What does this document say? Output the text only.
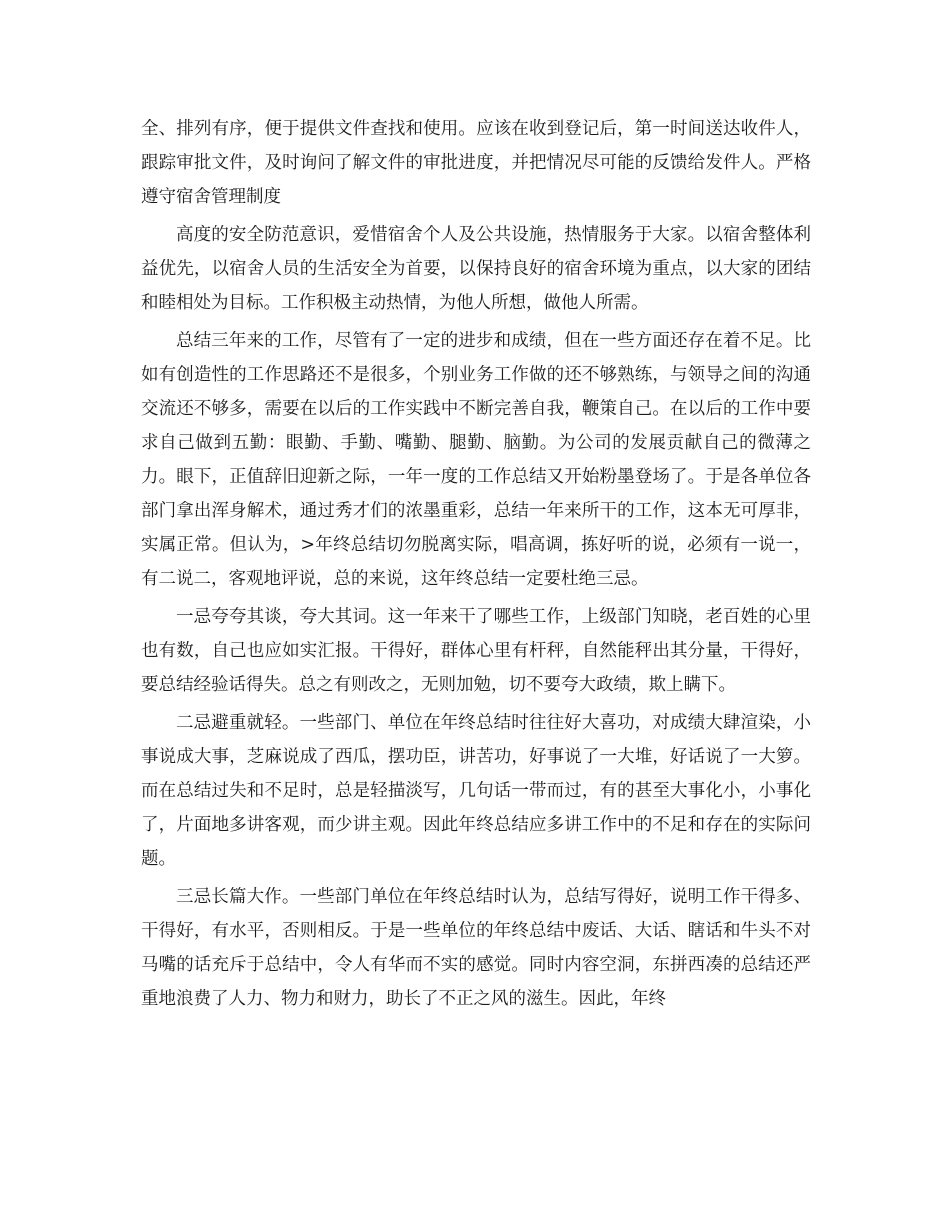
全、排列有序，便于提供文件查找和使用。应该在收到登记后，第一时间送达收件人，跟踪审批文件，及时询问了解文件的审批进度，并把情况尽可能的反馈给发件人。严格遵守宿舍管理制度

高度的安全防范意识，爱惜宿舍个人及公共设施，热情服务于大家。以宿舍整体利益优先，以宿舍人员的生活安全为首要，以保持良好的宿舍环境为重点，以大家的团结和睦相处为目标。工作积极主动热情，为他人所想，做他人所需。

总结三年来的工作，尽管有了一定的进步和成绩，但在一些方面还存在着不足。比如有创造性的工作思路还不是很多，个别业务工作做的还不够熟练，与领导之间的沟通交流还不够多，需要在以后的工作实践中不断完善自我，鞭策自己。在以后的工作中要求自己做到五勤：眼勤、手勤、嘴勤、腿勤、脑勤。为公司的发展贡献自己的微薄之力。眼下，正值辞旧迎新之际，一年一度的工作总结又开始粉墨登场了。于是各单位各部门拿出浑身解术，通过秀才们的浓墨重彩，总结一年来所干的工作，这本无可厚非，实属正常。但认为，>年终总结切勿脱离实际，唱高调，拣好听的说，必须有一说一，有二说二，客观地评说，总的来说，这年终总结一定要杜绝三忌。

一忌夸夸其谈，夸大其词。这一年来干了哪些工作，上级部门知晓，老百姓的心里也有数，自己也应如实汇报。干得好，群体心里有杆秤，自然能秤出其分量，干得好，要总结经验话得失。总之有则改之，无则加勉，切不要夸大政绩，欺上瞒下。

二忌避重就轻。一些部门、单位在年终总结时往往好大喜功，对成绩大肆渲染，小事说成大事，芝麻说成了西瓜，摆功臣，讲苦功，好事说了一大堆，好话说了一大箩。而在总结过失和不足时，总是轻描淡写，几句话一带而过，有的甚至大事化小，小事化了，片面地多讲客观，而少讲主观。因此年终总结应多讲工作中的不足和存在的实际问题。

三忌长篇大作。一些部门单位在年终总结时认为，总结写得好，说明工作干得多、干得好，有水平，否则相反。于是一些单位的年终总结中废话、大话、瞎话和牛头不对马嘴的话充斥于总结中，令人有华而不实的感觉。同时内容空洞，东拼西凑的总结还严重地浪费了人力、物力和财力，助长了不正之风的滋生。因此，年终
